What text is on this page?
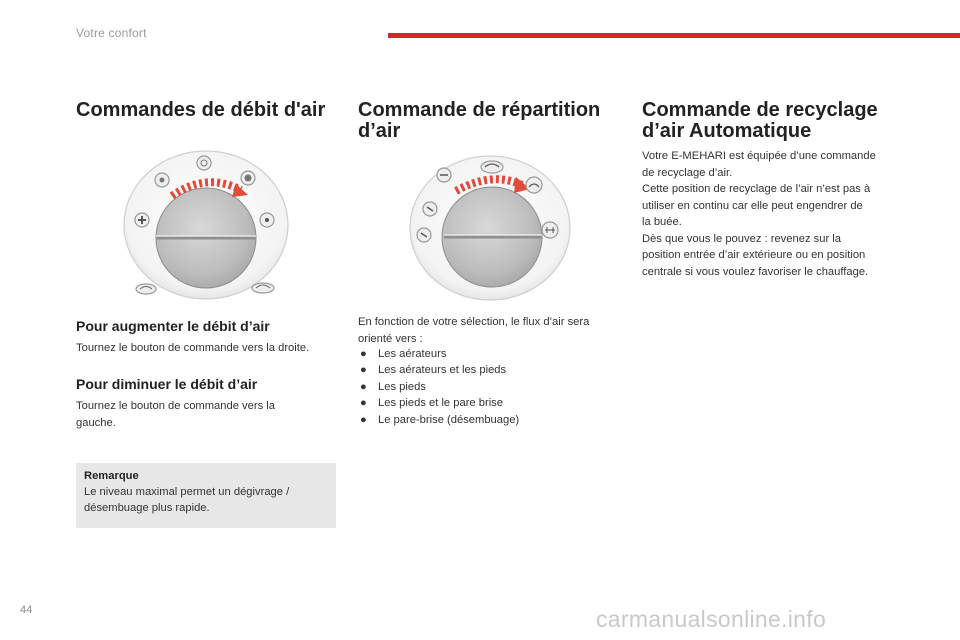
Votre confort
Commandes de débit d'air
Pour augmenter le débit d’air

Tournez le bouton de commande vers la droite.

Pour diminuer le débit d’air

Tournez le bouton de commande vers la
gauche.

Remarque
Le niveau maximal permet un dégivrage /
désembuage plus rapide.
Commande de répartition
d’air

En fonction de votre sélection, le flux d’air sera
orienté vers :

● Les aérateurs
● Les aérateurs et les pieds
● Les pieds
● Les pieds et le pare brise
● Le pare-brise (désembuage)
Commande de recyclage
d’air Automatique

Votre E-MEHARI est équipée d’une commande
de recyclage d’air.
Cette position de recyclage de l’air n’est pas à
utiliser en continu car elle peut engendrer de
la buée.
Dès que vous le pouvez : revenez sur la
position entrée d’air extérieure ou en position
centrale si vous voulez favoriser le chauffage.

44	carmanualsonline.info
